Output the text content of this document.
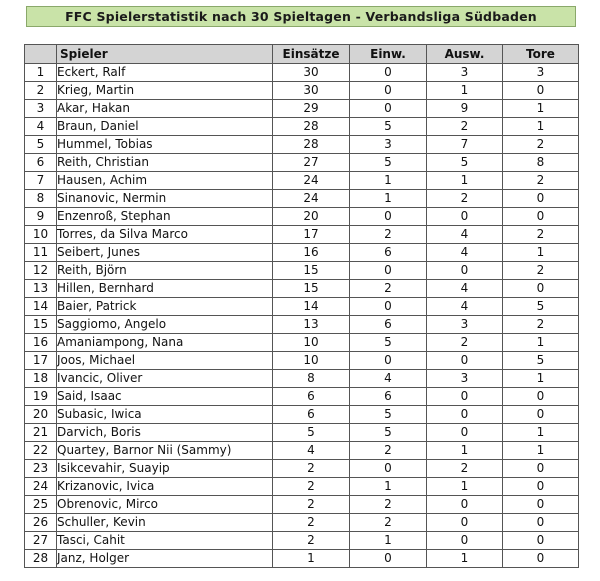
FFC Spielerstatistik nach 30 Spieltagen - Verbandsliga Südbaden
	Spieler	Einsätze	Einw.	Ausw.	Tore
1	Eckert, Ralf	30	0	3	3
2	Krieg, Martin	30	0	1	0
3	Akar, Hakan	29	0	9	1
4	Braun, Daniel	28	5	2	1
5	Hummel, Tobias	28	3	7	2
6	Reith, Christian	27	5	5	8
7	Hausen, Achim	24	1	1	2
8	Sinanovic, Nermin	24	1	2	0
9	Enzenroß, Stephan	20	0	0	0
10	Torres, da Silva Marco	17	2	4	2
11	Seibert, Junes	16	6	4	1
12	Reith, Björn	15	0	0	2
13	Hillen, Bernhard	15	2	4	0
14	Baier, Patrick	14	0	4	5
15	Saggiomo, Angelo	13	6	3	2
16	Amaniampong, Nana	10	5	2	1
17	Joos, Michael	10	0	0	5
18	Ivancic, Oliver	8	4	3	1
19	Said, Isaac	6	6	0	0
20	Subasic, Iwica	6	5	0	0
21	Darvich, Boris	5	5	0	1
22	Quartey, Barnor Nii (Sammy)	4	2	1	1
23	Isikcevahir, Suayip	2	0	2	0
24	Krizanovic, Ivica	2	1	1	0
25	Obrenovic, Mirco	2	2	0	0
26	Schuller, Kevin	2	2	0	0
27	Tasci, Cahit	2	1	0	0
28	Janz, Holger	1	0	1	0
